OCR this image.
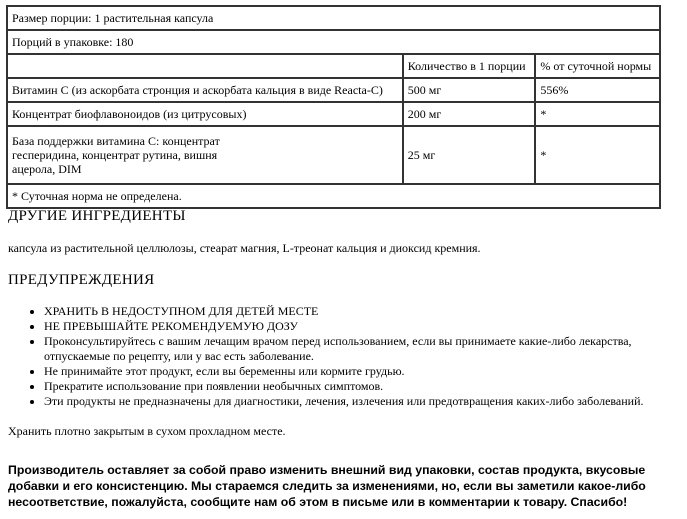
Размер порции: 1 растительная капсула		
Порций в упаковке: 180		
	Количество в 1 порции	% от суточной нормы
Витамин С (из аскорбата стронция и аскорбата кальция в виде Reacta-C)	500 мг	556%
Концентрат биофлавоноидов (из цитрусовых)	200 мг	*

База поддержки витамина С: концентрат
гесперидина, концентрат рутина, вишня
ацерола, DIM	25 мг	*
* Суточная норма не определена.		
ДРУГИЕ ИНГРЕДИЕНТЫ

капсула из растительной целлюлозы, стеарат магния, L-треонат кальция и диоксид кремния.

ПРЕДУПРЕЖДЕНИЯ
• ХРАНИТЬ В НЕДОСТУПНОМ ДЛЯ ДЕТЕЙ МЕСТЕ
• НЕ ПРЕВЫШАЙТЕ РЕКОМЕНДУЕМУЮ ДОЗУ
• Проконсультируйтесь с вашим лечащим врачом перед использованием, если вы принимаете какие-либо лекарства, отпускаемые по рецепту, или у вас есть заболевание.
• Не принимайте этот продукт, если вы беременны или кормите грудью.
• Прекратите использование при появлении необычных симптомов.
• Эти продукты не предназначены для диагностики, лечения, излечения или предотвращения каких-либо заболеваний.

Хранить плотно закрытым в сухом прохладном месте.

Производитель оставляет за собой право изменить внешний вид упаковки, состав продукта, вкусовые добавки и его консистенцию. Мы стараемся следить за изменениями, но, если вы заметили какое-либо несоответствие, пожалуйста, сообщите нам об этом в письме или в комментарии к товару. Спасибо!
